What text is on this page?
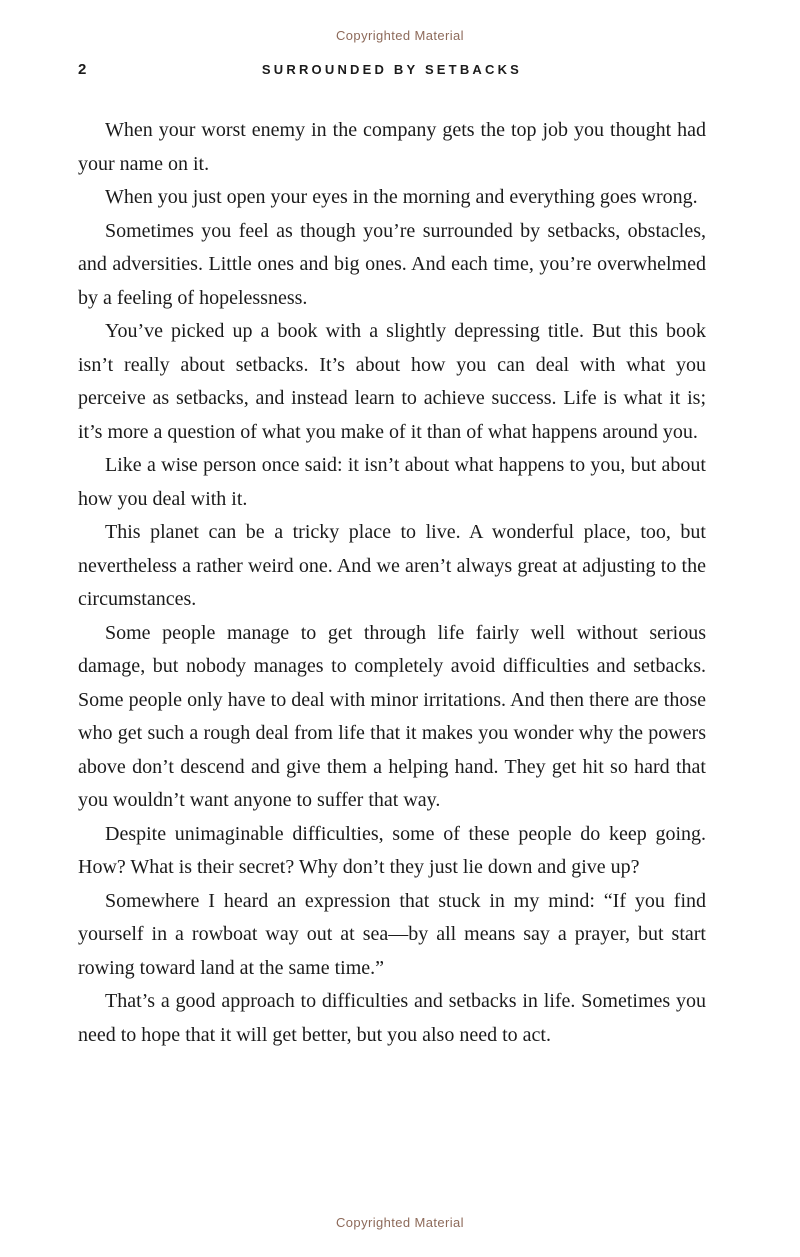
Copyrighted Material
2	SURROUNDED BY SETBACKS

When your worst enemy in the company gets the top job you thought had your name on it.

When you just open your eyes in the morning and everything goes wrong.

Sometimes you feel as though you’re surrounded by setbacks, obstacles, and adversities. Little ones and big ones. And each time, you’re overwhelmed by a feeling of hopelessness.

You’ve picked up a book with a slightly depressing title. But this book isn’t really about setbacks. It’s about how you can deal with what you perceive as setbacks, and instead learn to achieve success. Life is what it is; it’s more a question of what you make of it than of what happens around you.

Like a wise person once said: it isn’t about what happens to you, but about how you deal with it.

This planet can be a tricky place to live. A wonderful place, too, but nevertheless a rather weird one. And we aren’t always great at adjusting to the circumstances.

Some people manage to get through life fairly well without serious damage, but nobody manages to completely avoid difficulties and setbacks. Some people only have to deal with minor irritations. And then there are those who get such a rough deal from life that it makes you wonder why the powers above don’t descend and give them a helping hand. They get hit so hard that you wouldn’t want anyone to suffer that way.

Despite unimaginable difficulties, some of these people do keep going. How? What is their secret? Why don’t they just lie down and give up?

Somewhere I heard an expression that stuck in my mind: “If you find yourself in a rowboat way out at sea—by all means say a prayer, but start rowing toward land at the same time.”

That’s a good approach to difficulties and setbacks in life. Sometimes you need to hope that it will get better, but you also need to act.

Copyrighted Material
